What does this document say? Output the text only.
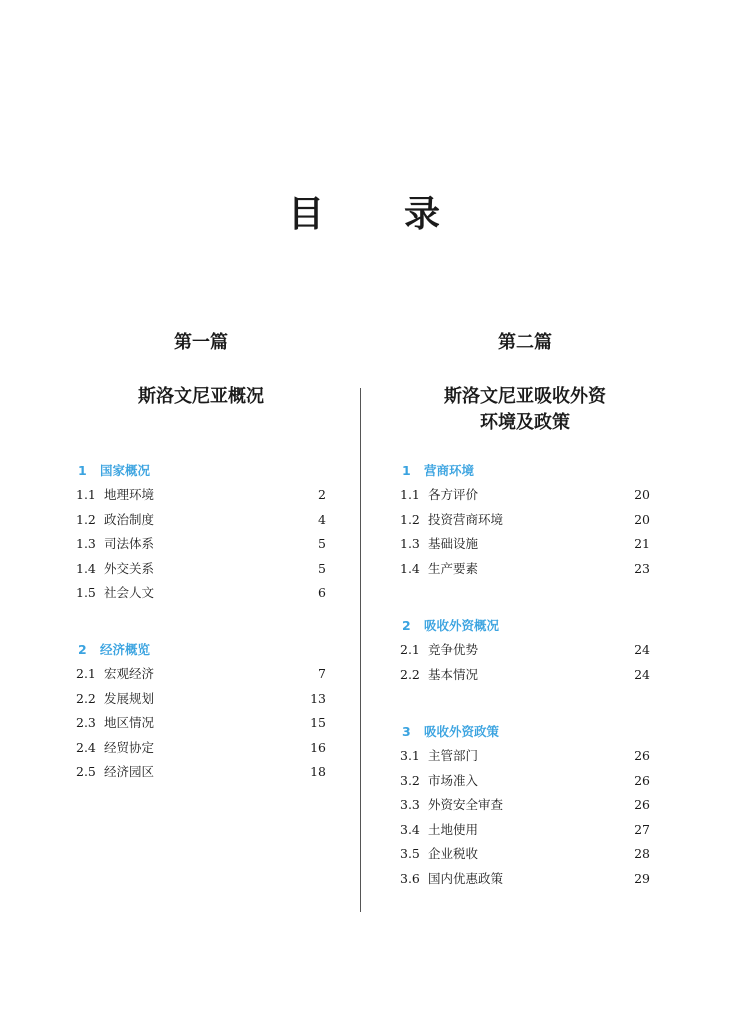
目 录
第一篇
斯洛文尼亚概况
1 国家概况
1.1 地理环境	2
1.2 政治制度	4
1.3 司法体系	5
1.4 外交关系	5
1.5 社会人文	6
2 经济概览
2.1 宏观经济	7
2.2 发展规划	13
2.3 地区情况	15
2.4 经贸协定	16
2.5 经济园区	18
第二篇
斯洛文尼亚吸收外资
环境及政策
1 营商环境
1.1 各方评价	20
1.2 投资营商环境	20
1.3 基础设施	21
1.4 生产要素	23
2 吸收外资概况
2.1 竞争优势	24
2.2 基本情况	24
3 吸收外资政策
3.1 主管部门	26
3.2 市场准入	26
3.3 外资安全审查	26
3.4 土地使用	27
3.5 企业税收	28
3.6 国内优惠政策	29
